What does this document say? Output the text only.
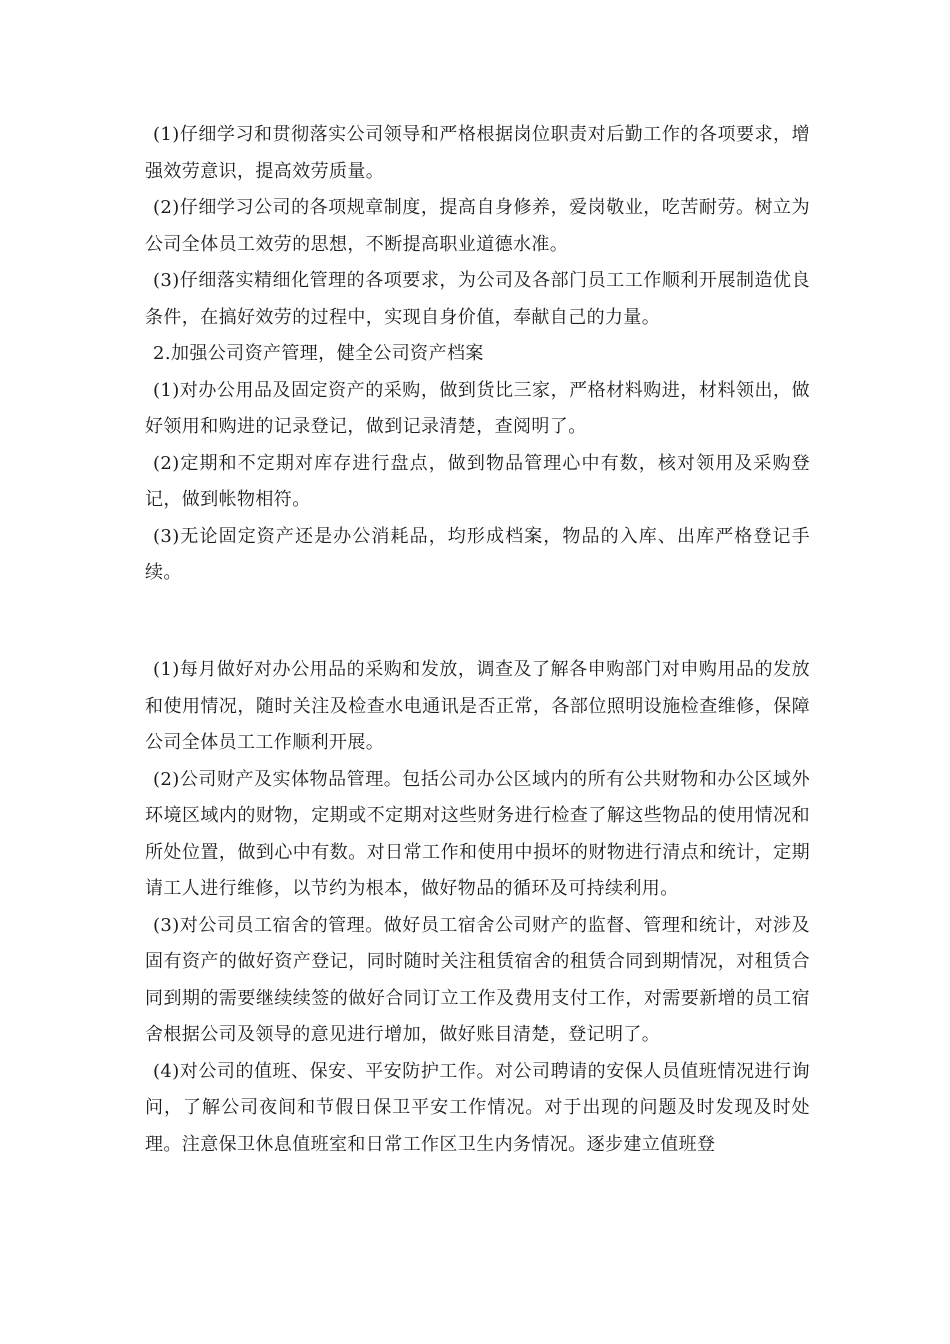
(1)仔细学习和贯彻落实公司领导和严格根据岗位职责对后勤工作的各项要求，增强效劳意识，提高效劳质量。

(2)仔细学习公司的各项规章制度，提高自身修养，爱岗敬业，吃苦耐劳。树立为公司全体员工效劳的思想，不断提高职业道德水准。

(3)仔细落实精细化管理的各项要求，为公司及各部门员工工作顺利开展制造优良条件，在搞好效劳的过程中，实现自身价值，奉献自己的力量。

2.加强公司资产管理，健全公司资产档案

(1)对办公用品及固定资产的采购，做到货比三家，严格材料购进，材料领出，做好领用和购进的记录登记，做到记录清楚，查阅明了。

(2)定期和不定期对库存进行盘点，做到物品管理心中有数，核对领用及采购登记，做到帐物相符。

(3)无论固定资产还是办公消耗品，均形成档案，物品的入库、出库严格登记手续。

(1)每月做好对办公用品的采购和发放，调查及了解各申购部门对申购用品的发放和使用情况，随时关注及检查水电通讯是否正常，各部位照明设施检查维修，保障公司全体员工工作顺利开展。

(2)公司财产及实体物品管理。包括公司办公区域内的所有公共财物和办公区域外环境区域内的财物，定期或不定期对这些财务进行检查了解这些物品的使用情况和所处位置，做到心中有数。对日常工作和使用中损坏的财物进行清点和统计，定期请工人进行维修，以节约为根本，做好物品的循环及可持续利用。

(3)对公司员工宿舍的管理。做好员工宿舍公司财产的监督、管理和统计，对涉及固有资产的做好资产登记，同时随时关注租赁宿舍的租赁合同到期情况，对租赁合同到期的需要继续续签的做好合同订立工作及费用支付工作，对需要新增的员工宿舍根据公司及领导的意见进行增加，做好账目清楚，登记明了。

(4)对公司的值班、保安、平安防护工作。对公司聘请的安保人员值班情况进行询问，了解公司夜间和节假日保卫平安工作情况。对于出现的问题及时发现及时处理。注意保卫休息值班室和日常工作区卫生内务情况。逐步建立值班登
